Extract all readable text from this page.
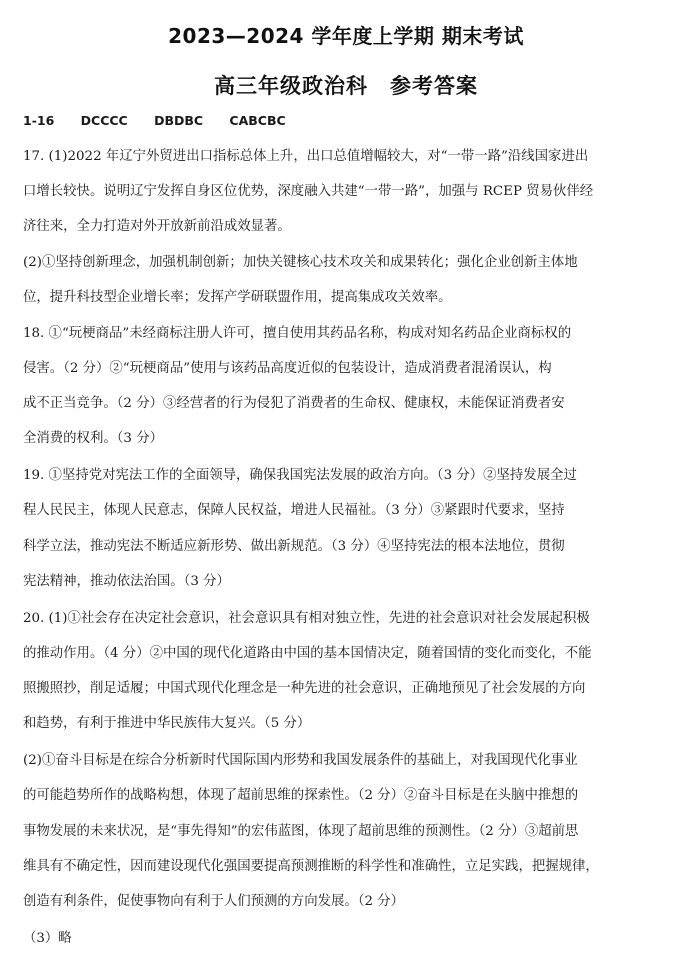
2023—2024 学年度上学期 期末考试
高三年级政治科　参考答案
1-16 DCCCC DBDBC CABCBC
17. (1)2022 年辽宁外贸进出口指标总体上升，出口总值增幅较大，对“一带一路”沿线国家进出
口增长较快。说明辽宁发挥自身区位优势，深度融入共建“一带一路”，加强与 RCEP 贸易伙伴经
济往来，全力打造对外开放新前沿成效显著。
(2)①坚持创新理念，加强机制创新；加快关键核心技术攻关和成果转化；强化企业创新主体地
位，提升科技型企业增长率；发挥产学研联盟作用，提高集成攻关效率。
18. ①“玩梗商品”未经商标注册人许可，擅自使用其药品名称，构成对知名药品企业商标权的
侵害。（2 分）②“玩梗商品”使用与该药品高度近似的包装设计，造成消费者混淆误认，构
成不正当竞争。（2 分）③经营者的行为侵犯了消费者的生命权、健康权，未能保证消费者安
全消费的权利。（3 分）
19. ①坚持党对宪法工作的全面领导，确保我国宪法发展的政治方向。（3 分）②坚持发展全过
程人民民主，体现人民意志，保障人民权益，增进人民福祉。（3 分）③紧跟时代要求，坚持
科学立法，推动宪法不断适应新形势、做出新规范。（3 分）④坚持宪法的根本法地位，贯彻
宪法精神，推动依法治国。（3 分）
20. (1)①社会存在决定社会意识，社会意识具有相对独立性，先进的社会意识对社会发展起积极
的推动作用。（4 分）②中国的现代化道路由中国的基本国情决定，随着国情的变化而变化，不能
照搬照抄，削足适履；中国式现代化理念是一种先进的社会意识，正确地预见了社会发展的方向
和趋势，有利于推进中华民族伟大复兴。（5 分）
(2)①奋斗目标是在综合分析新时代国际国内形势和我国发展条件的基础上，对我国现代化事业
的可能趋势所作的战略构想，体现了超前思维的探索性。（2 分）②奋斗目标是在头脑中推想的
事物发展的未来状况，是“事先得知”的宏伟蓝图，体现了超前思维的预测性。（2 分）③超前思
维具有不确定性，因而建设现代化强国要提高预测推断的科学性和准确性，立足实践，把握规律，
创造有利条件，促使事物向有利于人们预测的方向发展。（2 分）
（3）略
